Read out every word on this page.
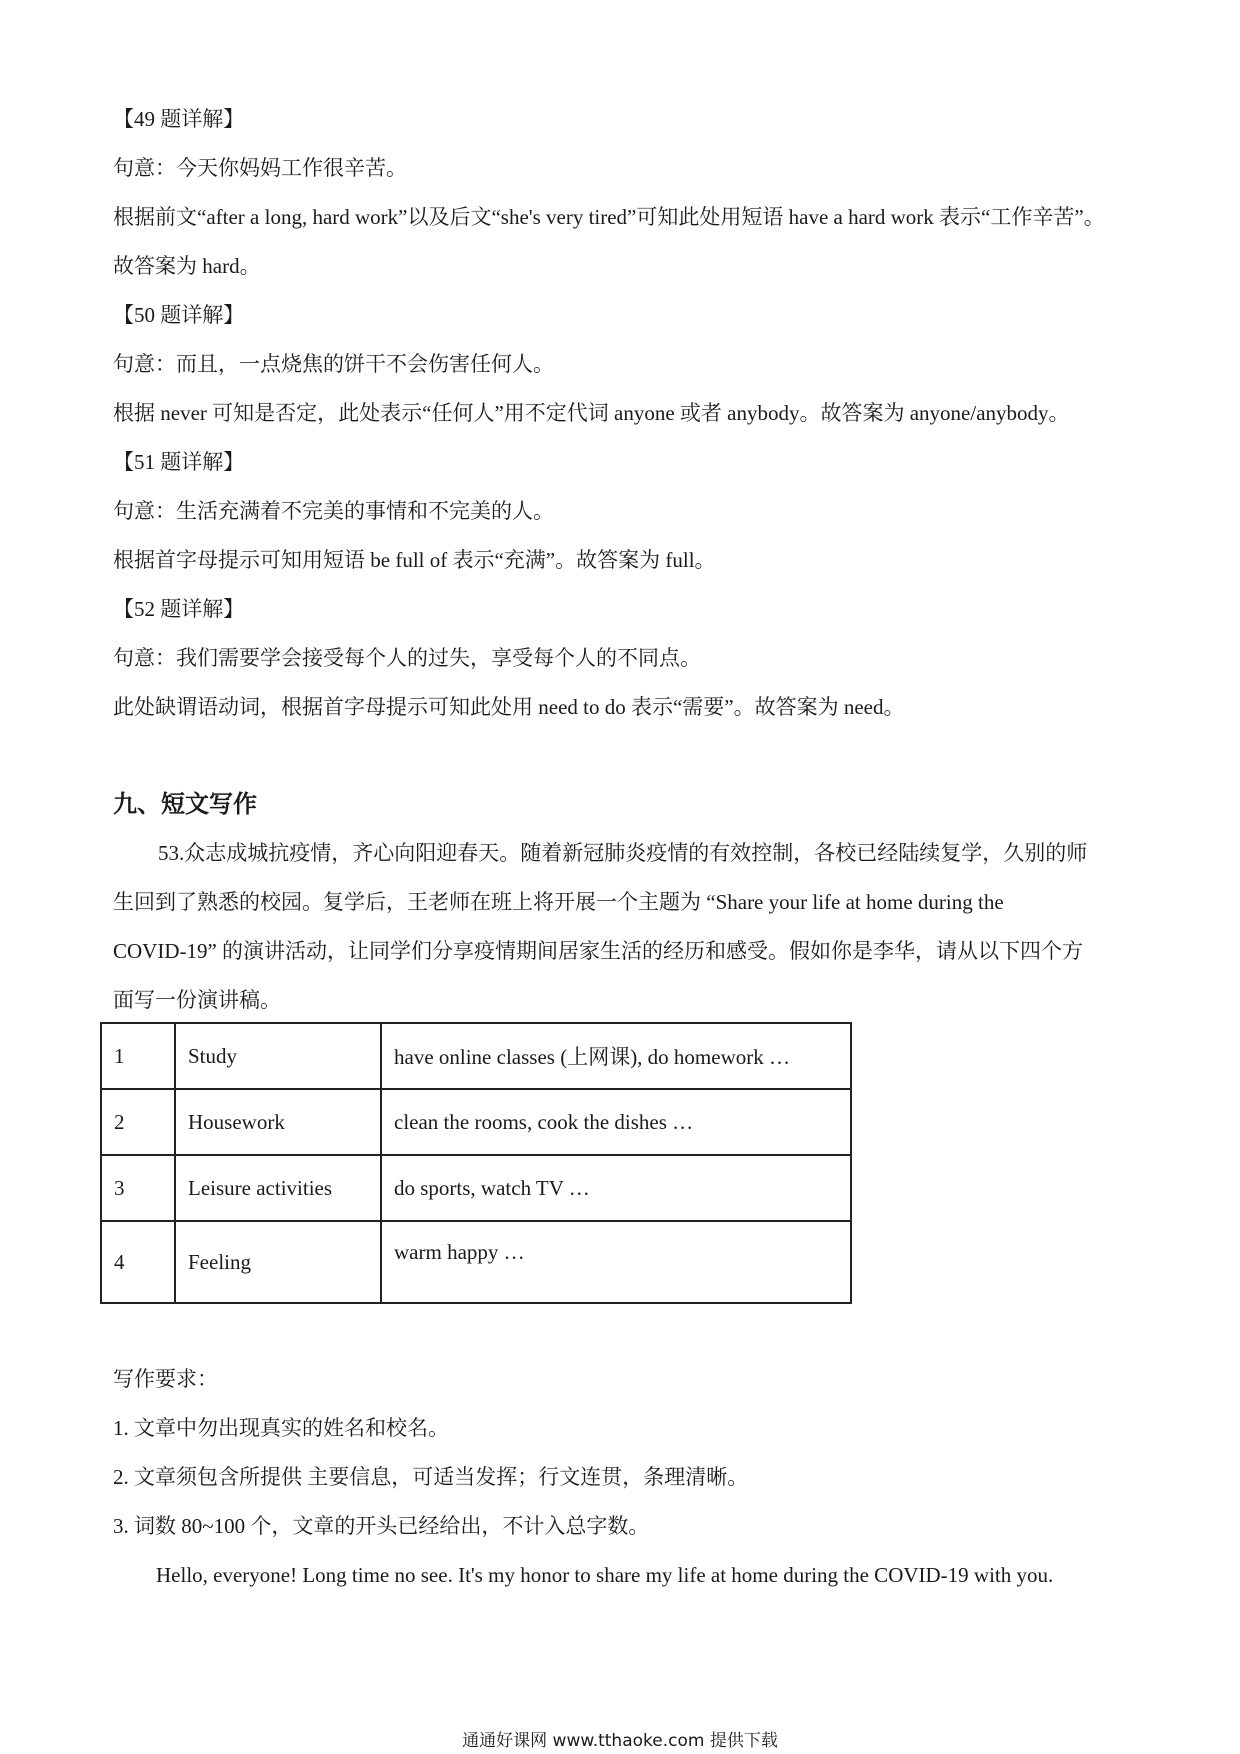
【49 题详解】

句意：今天你妈妈工作很辛苦。

根据前文“after a long, hard work”以及后文“she's very tired”可知此处用短语 have a hard work 表示“工作辛苦”。

故答案为 hard。

【50 题详解】

句意：而且，一点烧焦的饼干不会伤害任何人。

根据 never 可知是否定，此处表示“任何人”用不定代词 anyone 或者 anybody。故答案为 anyone/anybody。

【51 题详解】

句意：生活充满着不完美的事情和不完美的人。

根据首字母提示可知用短语 be full of 表示“充满”。故答案为 full。

【52 题详解】

句意：我们需要学会接受每个人的过失，享受每个人的不同点。

此处缺谓语动词，根据首字母提示可知此处用 need to do 表示“需要”。故答案为 need。

九、短文写作

53.众志成城抗疫情，齐心向阳迎春天。随着新冠肺炎疫情的有效控制，各校已经陆续复学，久别的师

生回到了熟悉的校园。复学后，王老师在班上将开展一个主题为 “Share your life at home during the

COVID-19” 的演讲活动，让同学们分享疫情期间居家生活的经历和感受。假如你是李华，请从以下四个方

面写一份演讲稿。

1	Study	have online classes (上网课), do homework …
2	Housework	clean the rooms, cook the dishes …
3	Leisure activities	do sports, watch TV …
4	Feeling	warm happy …

写作要求：

1. 文章中勿出现真实的姓名和校名。

2. 文章须包含所提供 主要信息，可适当发挥；行文连贯，条理清晰。

3. 词数 80~100 个，文章的开头已经给出，不计入总字数。

Hello, everyone! Long time no see. It's my honor to share my life at home during the COVID-19 with you.

通通好课网 www.tthaoke.com 提供下载
